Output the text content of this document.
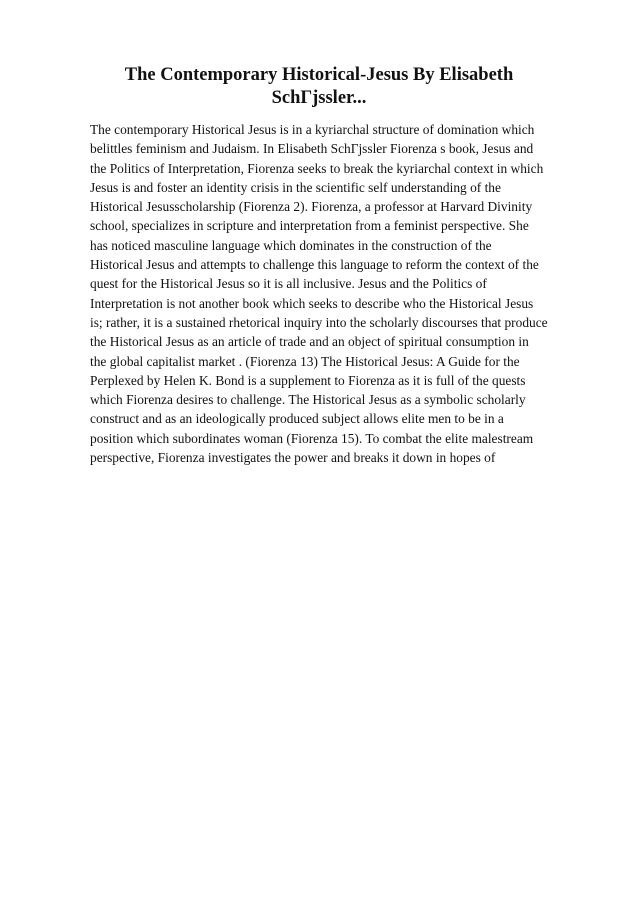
The Contemporary Historical-Jesus By Elisabeth
SchГjssler...
The contemporary Historical Jesus is in a kyriarchal structure of domination which
belittles feminism and Judaism. In Elisabeth SchГjssler Fiorenza s book, Jesus and
the Politics of Interpretation, Fiorenza seeks to break the kyriarchal context in which
Jesus is and foster an identity crisis in the scientific self understanding of the
Historical Jesusscholarship (Fiorenza 2). Fiorenza, a professor at Harvard Divinity
school, specializes in scripture and interpretation from a feminist perspective. She
has noticed masculine language which dominates in the construction of the
Historical Jesus and attempts to challenge this language to reform the context of the
quest for the Historical Jesus so it is all inclusive. Jesus and the Politics of
Interpretation is not another book which seeks to describe who the Historical Jesus
is; rather, it is a sustained rhetorical inquiry into the scholarly discourses that produce
the Historical Jesus as an article of trade and an object of spiritual consumption in
the global capitalist market . (Fiorenza 13) The Historical Jesus: A Guide for the
Perplexed by Helen K. Bond is a supplement to Fiorenza as it is full of the quests
which Fiorenza desires to challenge. The Historical Jesus as a symbolic scholarly
construct and as an ideologically produced subject allows elite men to be in a
position which subordinates woman (Fiorenza 15). To combat the elite malestream
perspective, Fiorenza investigates the power and breaks it down in hopes of
